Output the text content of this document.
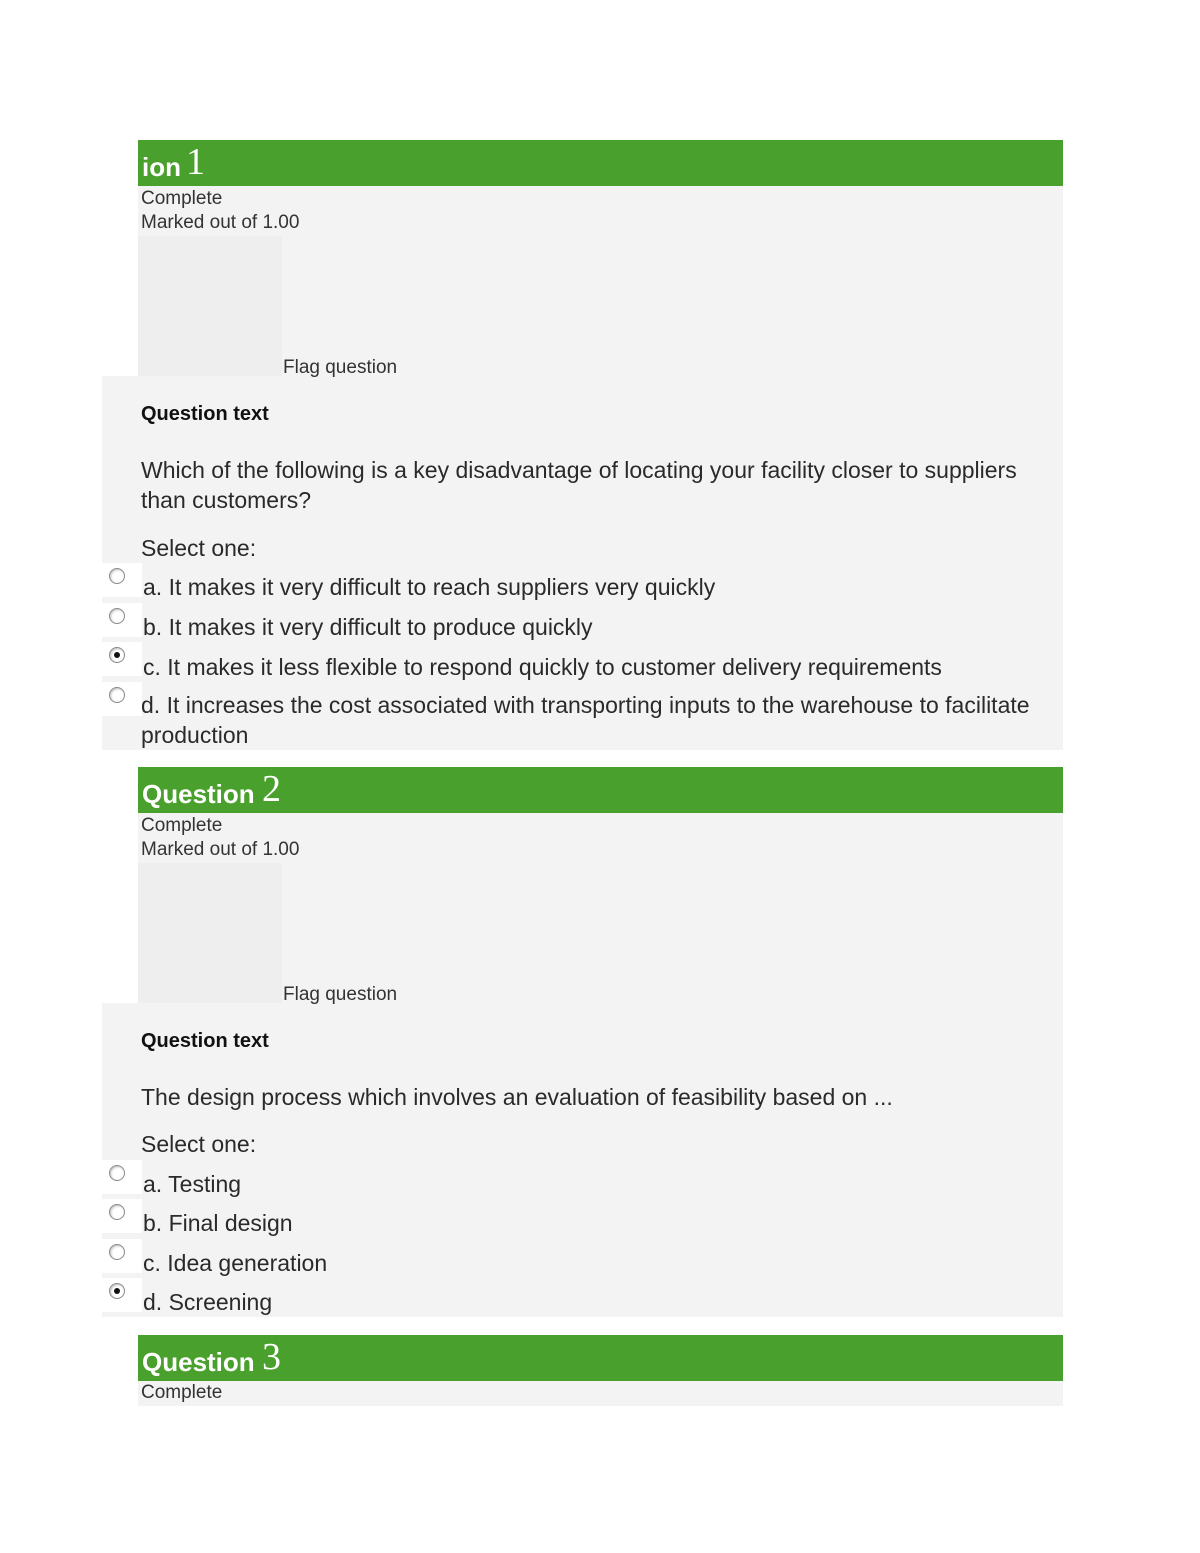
ion 1
Complete
Marked out of 1.00
Flag question
Question text
Which of the following is a key disadvantage of locating your facility closer to suppliers than customers?
Select one:
a. It makes it very difficult to reach suppliers very quickly
b. It makes it very difficult to produce quickly
c. It makes it less flexible to respond quickly to customer delivery requirements
d. It increases the cost associated with transporting inputs to the warehouse to facilitate production
Question 2
Complete
Marked out of 1.00
Flag question
Question text
The design process which involves an evaluation of feasibility based on ...
Select one:
a. Testing
b. Final design
c. Idea generation
d. Screening
Question 3
Complete
